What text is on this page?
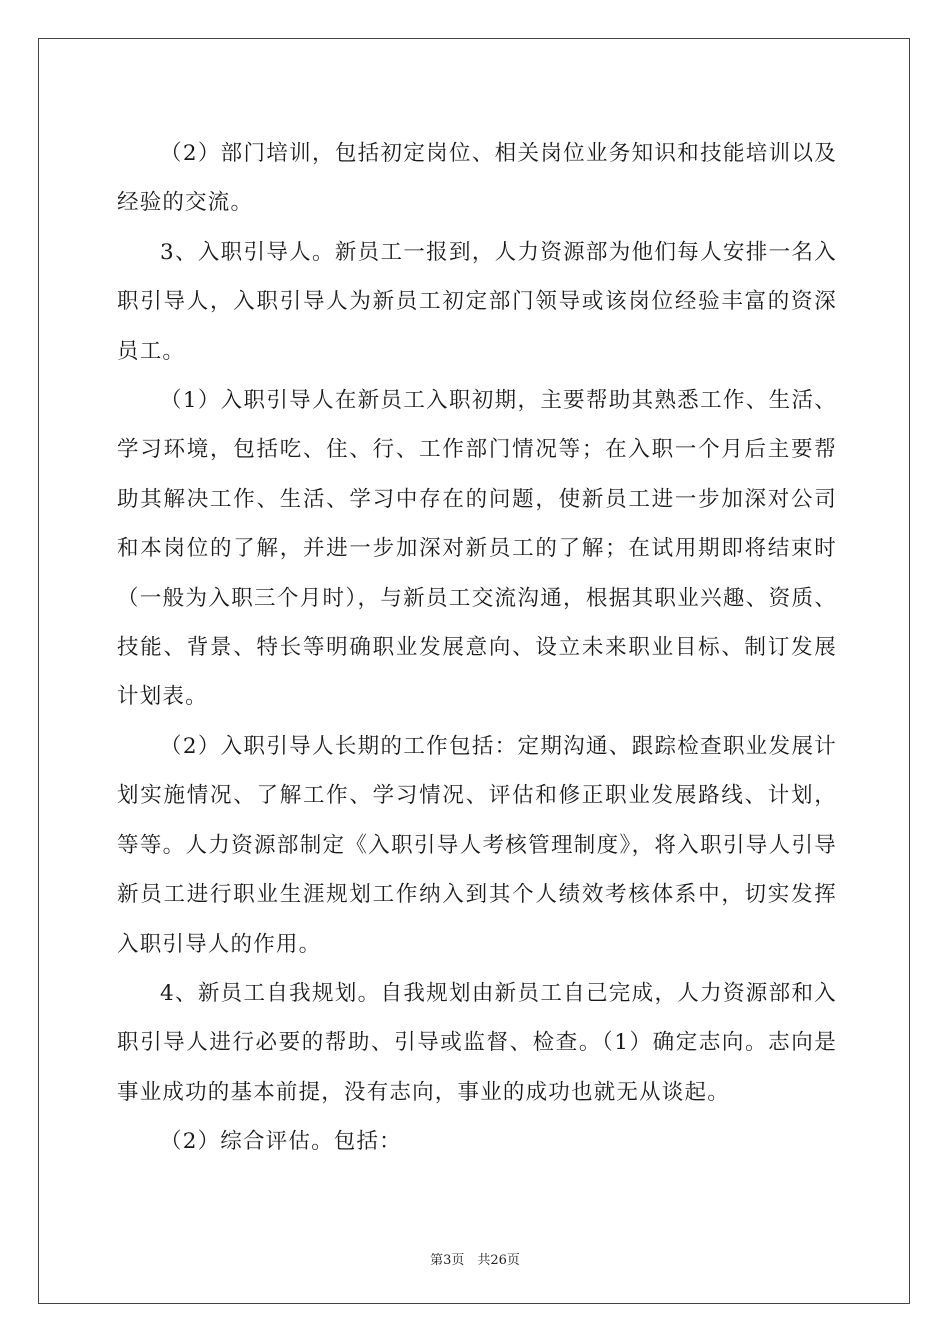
（2）部门培训，包括初定岗位、相关岗位业务知识和技能培训以及经验的交流。

3、入职引导人。新员工一报到，人力资源部为他们每人安排一名入职引导人，入职引导人为新员工初定部门领导或该岗位经验丰富的资深员工。

（1）入职引导人在新员工入职初期，主要帮助其熟悉工作、生活、学习环境，包括吃、住、行、工作部门情况等；在入职一个月后主要帮助其解决工作、生活、学习中存在的问题，使新员工进一步加深对公司和本岗位的了解，并进一步加深对新员工的了解；在试用期即将结束时（一般为入职三个月时），与新员工交流沟通，根据其职业兴趣、资质、技能、背景、特长等明确职业发展意向、设立未来职业目标、制订发展计划表。

（2）入职引导人长期的工作包括：定期沟通、跟踪检查职业发展计划实施情况、了解工作、学习情况、评估和修正职业发展路线、计划，等等。人力资源部制定《入职引导人考核管理制度》，将入职引导人引导新员工进行职业生涯规划工作纳入到其个人绩效考核体系中，切实发挥入职引导人的作用。

4、新员工自我规划。自我规划由新员工自己完成，人力资源部和入职引导人进行必要的帮助、引导或监督、检查。（1）确定志向。志向是事业成功的基本前提，没有志向，事业的成功也就无从谈起。

（2）综合评估。包括：

第3页　共26页
